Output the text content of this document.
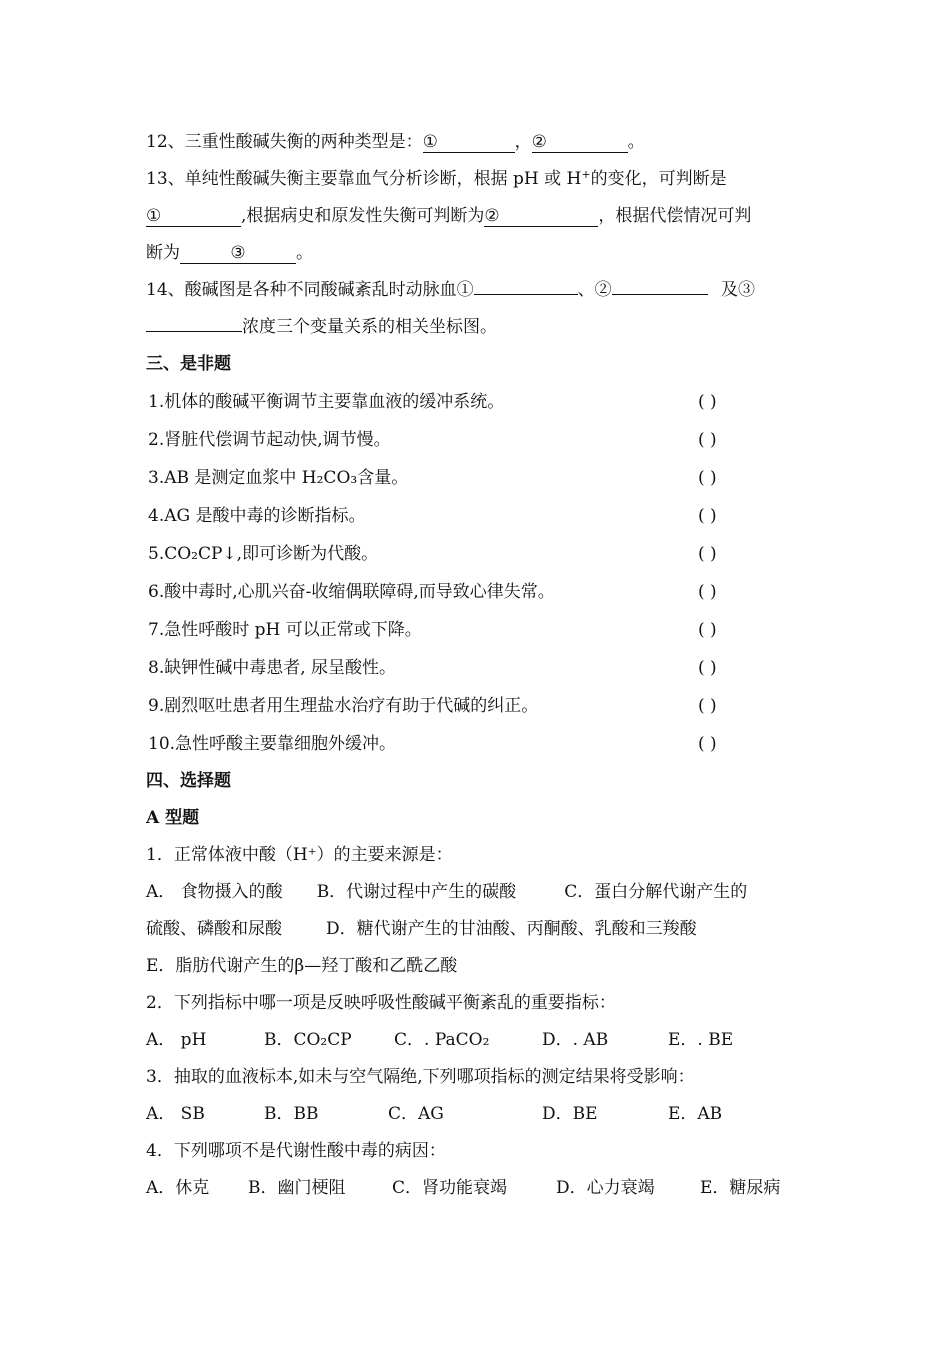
12、三重性酸碱失衡的两种类型是：①	，②	。
13、单纯性酸碱失衡主要靠血气分析诊断，根据 pH 或 H+的变化，可判断是
①	,根据病史和原发性失衡可判断为②	，根据代偿情况可判
断为	③	。
14、酸碱图是各种不同酸碱紊乱时动脉血①	、②	及③
浓度三个变量关系的相关坐标图。
三、是非题
1.机体的酸碱平衡调节主要靠血液的缓冲系统。	( )
2.肾脏代偿调节起动快,调节慢。	( )
3.AB 是测定血浆中 H₂CO₃含量。	( )
4.AG 是酸中毒的诊断指标。	( )
5.CO₂CP↓,即可诊断为代酸。	( )
6.酸中毒时,心肌兴奋-收缩偶联障碍,而导致心律失常。	( )
7.急性呼酸时 pH 可以正常或下降。	( )
8.缺钾性碱中毒患者, 尿呈酸性。	( )
9.剧烈呕吐患者用生理盐水治疗有助于代碱的纠正。	( )
10.急性呼酸主要靠细胞外缓冲。	( )
四、选择题
A 型题
1．正常体液中酸（H⁺）的主要来源是：
A． 食物摄入的酸 B．代谢过程中产生的碳酸	C．蛋白分解代谢产生的
硫酸、磷酸和尿酸	D．糖代谢产生的甘油酸、丙酮酸、乳酸和三羧酸
E．脂肪代谢产生的β—羟丁酸和乙酰乙酸
2．下列指标中哪一项是反映呼吸性酸碱平衡紊乱的重要指标：
A． pH	B．CO₂CP C．. PaCO₂	D．. AB	E．. BE
3．抽取的血液标本,如未与空气隔绝,下列哪项指标的测定结果将受影响：
A． SB	B．BB	C．AG	D．BE	E．AB
4．下列哪项不是代谢性酸中毒的病因：
A．休克 B．幽门梗阻	C．肾功能衰竭	D．心力衰竭	E．糖尿病
